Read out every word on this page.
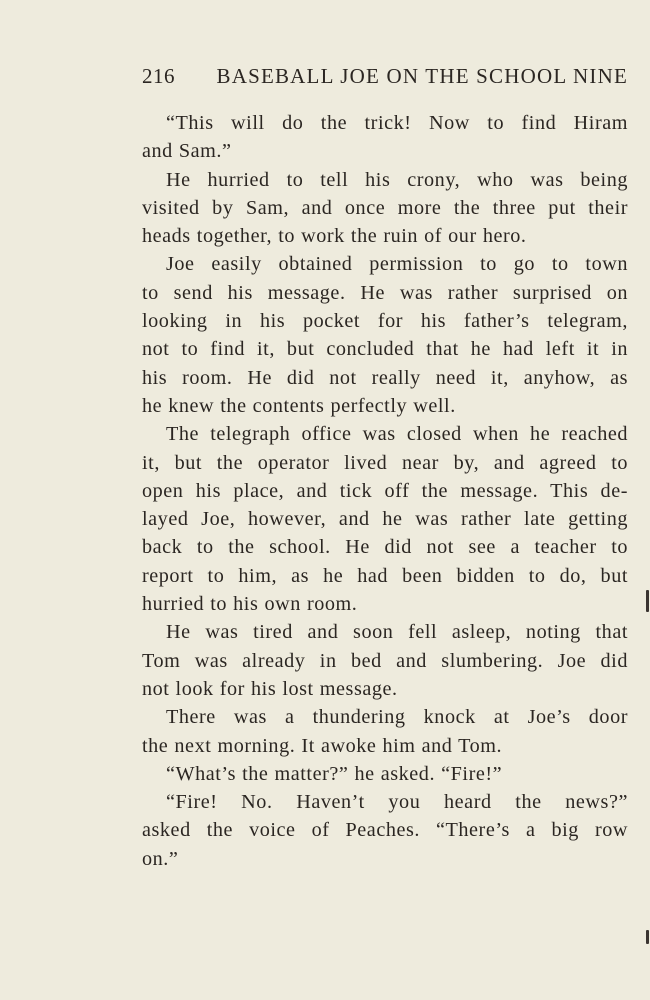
216 BASEBALL JOE ON THE SCHOOL NINE
“This will do the trick! Now to find Hiram
and Sam.”
He hurried to tell his crony, who was being
visited by Sam, and once more the three put their
heads together, to work the ruin of our hero.
Joe easily obtained permission to go to town
to send his message. He was rather surprised on
looking in his pocket for his father’s telegram,
not to find it, but concluded that he had left it in
his room. He did not really need it, anyhow, as
he knew the contents perfectly well.
The telegraph office was closed when he reached
it, but the operator lived near by, and agreed to
open his place, and tick off the message. This de-
layed Joe, however, and he was rather late getting
back to the school. He did not see a teacher to
report to him, as he had been bidden to do, but
hurried to his own room.
He was tired and soon fell asleep, noting that
Tom was already in bed and slumbering. Joe did
not look for his lost message.
There was a thundering knock at Joe’s door
the next morning. It awoke him and Tom.
“What’s the matter?” he asked. “Fire!”
“Fire! No. Haven’t you heard the news?”
asked the voice of Peaches. “There’s a big row
on.”
